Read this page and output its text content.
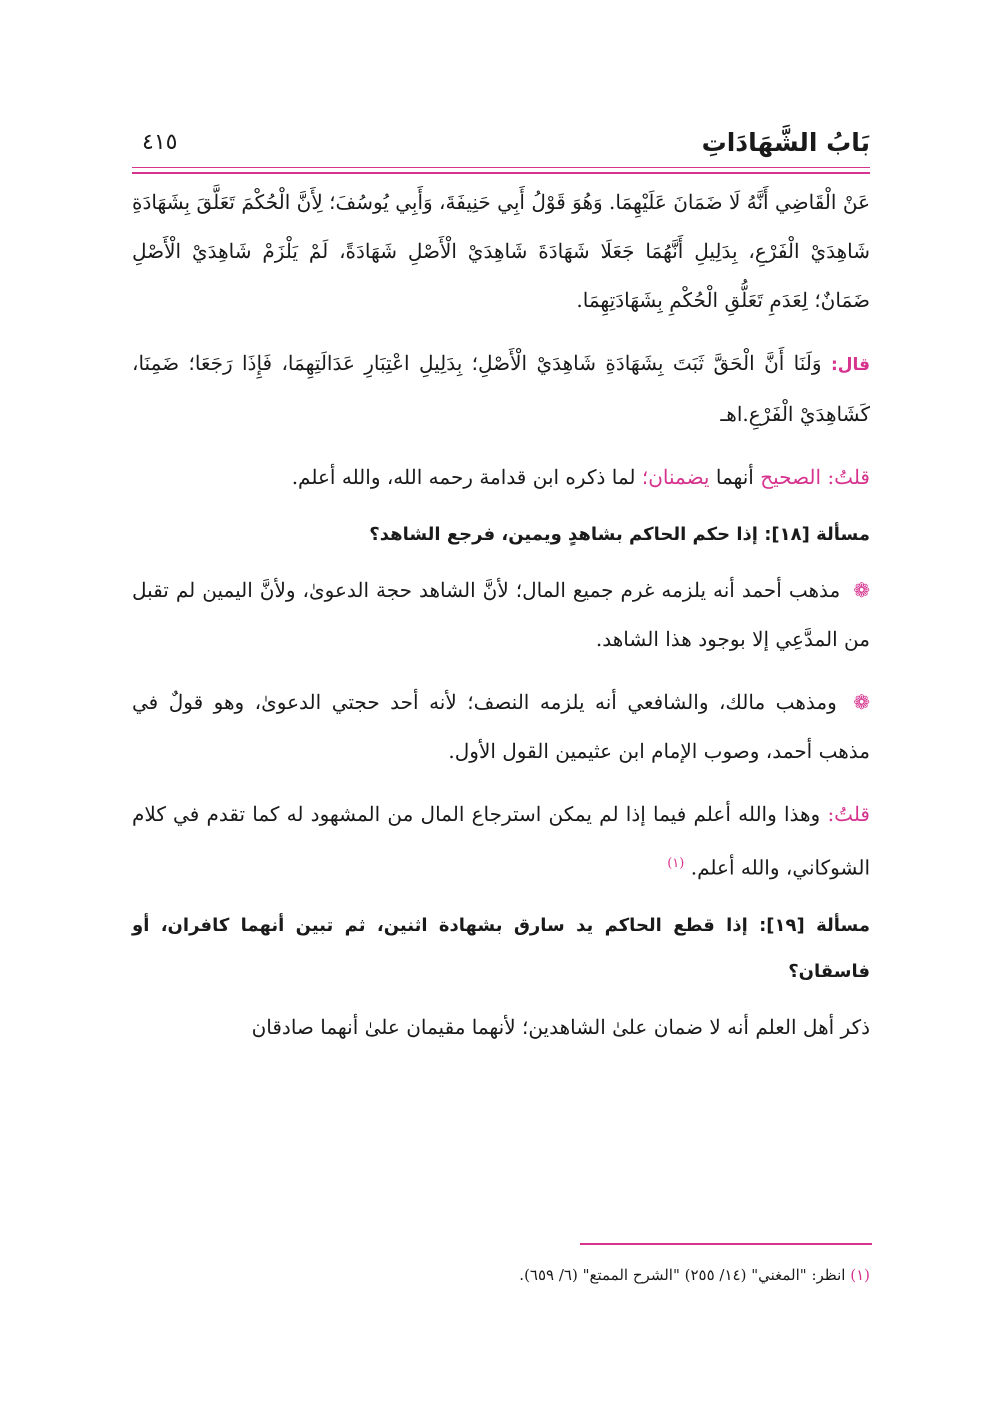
بَابُ الشَّهَادَاتِ
٤١٥

عَنْ الْقَاضِي أَنَّهُ لَا ضَمَانَ عَلَيْهِمَا. وَهُوَ قَوْلُ أَبِي حَنِيفَةَ، وَأَبِي يُوسُفَ؛ لِأَنَّ الْحُكْمَ تَعَلَّقَ بِشَهَادَةِ شَاهِدَيْ الْفَرْعِ، بِدَلِيلِ أَنَّهُمَا جَعَلَا شَهَادَةَ شَاهِدَيْ الْأَصْلِ شَهَادَةً، لَمْ يَلْزَمْ شَاهِدَيْ الْأَصْلِ ضَمَانٌ؛ لِعَدَمِ تَعَلُّقِ الْحُكْمِ بِشَهَادَتِهِمَا.

قال: وَلَنَا أَنَّ الْحَقَّ ثَبَتَ بِشَهَادَةِ شَاهِدَيْ الْأَصْلِ؛ بِدَلِيلِ اعْتِبَارِ عَدَالَتِهِمَا، فَإِذَا رَجَعَا؛ ضَمِنَا، كَشَاهِدَيْ الْفَرْعِ.اهـ

قلتُ: الصحيح أنهما يضمنان؛ لما ذكره ابن قدامة رحمه الله، والله أعلم.

مسألة [١٨]: إذا حكم الحاكم بشاهدٍ ويمين، فرجع الشاهد؟

❁ مذهب أحمد أنه يلزمه غرم جميع المال؛ لأنَّ الشاهد حجة الدعوىٰ، ولأنَّ اليمين لم تقبل من المدَّعِي إلا بوجود هذا الشاهد.

❁ ومذهب مالك، والشافعي أنه يلزمه النصف؛ لأنه أحد حجتي الدعوىٰ، وهو قولٌ في مذهب أحمد، وصوب الإمام ابن عثيمين القول الأول.

قلتُ: وهذا والله أعلم فيما إذا لم يمكن استرجاع المال من المشهود له كما تقدم في كلام الشوكاني، والله أعلم. $^{(١)}$

مسألة [١٩]: إذا قطع الحاكم يد سارق بشهادة اثنين، ثم تبين أنهما كافران، أو فاسقان؟

ذكر أهل العلم أنه لا ضمان علىٰ الشاهدين؛ لأنهما مقيمان علىٰ أنهما صادقان

(١) انظر: "المغني" (١٤/ ٢٥٥) "الشرح الممتع" (٦/ ٦٥٩).
